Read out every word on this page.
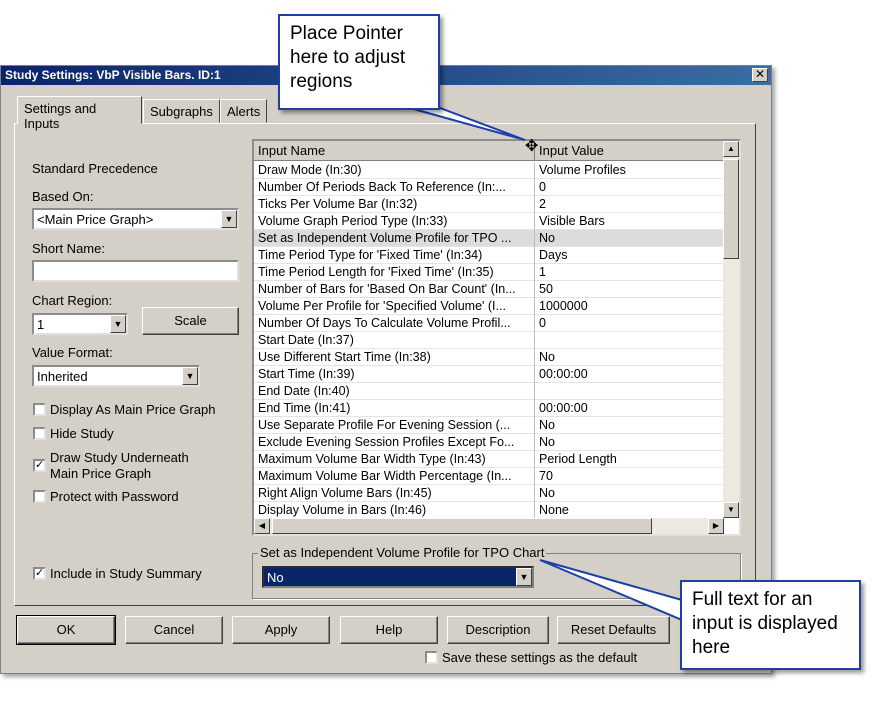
Study Settings: VbP Visible Bars. ID:1	✕
Settings and Inputs
Subgraphs	Alerts
Standard Precedence
Based On:
<Main Price Graph>	▼
Short Name:
Chart Region:
1	▼	Scale
Value Format:
Inherited	▼
Display As Main Price Graph
Hide Study
✓ Draw Study Underneath
Main Price Graph
Protect with Password
✓ Include in Study Summary
Input Name	Input Value
Draw Mode (In:30)	Volume Profiles
Number Of Periods Back To Reference (In:...	0
Ticks Per Volume Bar (In:32)	2
Volume Graph Period Type (In:33)	Visible Bars
Set as Independent Volume Profile for TPO ...	No
Time Period Type for 'Fixed Time' (In:34)	Days
Time Period Length for 'Fixed Time' (In:35)	1
Number of Bars for 'Based On Bar Count' (In...	50
Volume Per Profile for 'Specified Volume' (I...	1000000
Number Of Days To Calculate Volume Profil...	0
Start Date (In:37)
Use Different Start Time (In:38)	No
Start Time (In:39)	00:00:00
End Date (In:40)
End Time (In:41)	00:00:00
Use Separate Profile For Evening Session (...	No
Exclude Evening Session Profiles Except Fo...	No
Maximum Volume Bar Width Type (In:43)	Period Length
Maximum Volume Bar Width Percentage (In...	70
Right Align Volume Bars (In:45)	No
Display Volume in Bars (In:46)	None
▲
▼
◀	▶
✥
Set as Independent Volume Profile for TPO Chart
No	▼
OK	Cancel	Apply	Help	Description	Reset Defaults
Save these settings as the default
Place Pointer here to adjust regions
Full text for an input is displayed here
